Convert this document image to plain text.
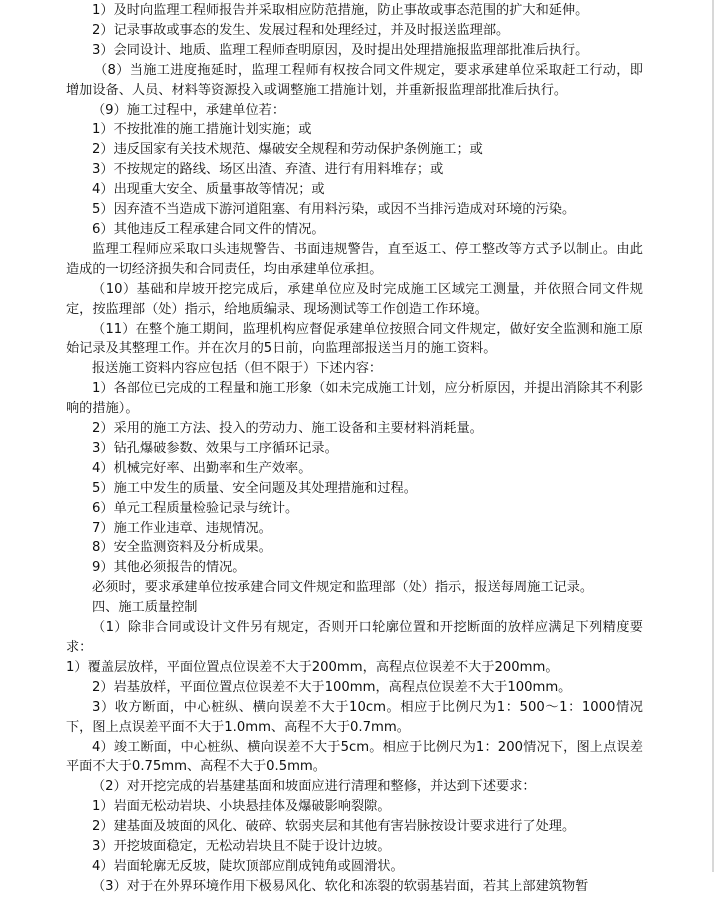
1）及时向监理工程师报告并采取相应防范措施，防止事故或事态范围的扩大和延伸。

2）记录事故或事态的发生、发展过程和处理经过，并及时报送监理部。

3）会同设计、地质、监理工程师查明原因，及时提出处理措施报监理部批准后执行。

（8）当施工进度拖延时，监理工程师有权按合同文件规定，要求承建单位采取赶工行动，即增加设备、人员、材料等资源投入或调整施工措施计划，并重新报监理部批准后执行。

（9）施工过程中，承建单位若：

1）不按批准的施工措施计划实施；或

2）违反国家有关技术规范、爆破安全规程和劳动保护条例施工；或

3）不按规定的路线、场区出渣、弃渣、进行有用料堆存；或

4）出现重大安全、质量事故等情况；或

5）因弃渣不当造成下游河道阻塞、有用料污染，或因不当排污造成对环境的污染。

6）其他违反工程承建合同文件的情况。

监理工程师应采取口头违规警告、书面违规警告，直至返工、停工整改等方式予以制止。由此造成的一切经济损失和合同责任，均由承建单位承担。

（10）基础和岸坡开挖完成后，承建单位应及时完成施工区域完工测量，并依照合同文件规定，按监理部（处）指示，给地质编录、现场测试等工作创造工作环境。

（11）在整个施工期间，监理机构应督促承建单位按照合同文件规定，做好安全监测和施工原始记录及其整理工作。并在次月的5日前，向监理部报送当月的施工资料。

报送施工资料内容应包括（但不限于）下述内容：

1）各部位已完成的工程量和施工形象（如未完成施工计划，应分析原因，并提出消除其不利影响的措施）。

2）采用的施工方法、投入的劳动力、施工设备和主要材料消耗量。

3）钻孔爆破参数、效果与工序循环记录。

4）机械完好率、出勤率和生产效率。

5）施工中发生的质量、安全问题及其处理措施和过程。

6）单元工程质量检验记录与统计。

7）施工作业违章、违规情况。

8）安全监测资料及分析成果。

9）其他必须报告的情况。

必须时，要求承建单位按承建合同文件规定和监理部（处）指示，报送每周施工记录。

四、施工质量控制

（1）除非合同或设计文件另有规定，否则开口轮廓位置和开挖断面的放样应满足下列精度要求：

1）覆盖层放样，平面位置点位误差不大于200mm，高程点位误差不大于200mm。

2）岩基放样，平面位置点位误差不大于100mm，高程点位误差不大于100mm。

3）收方断面，中心桩纵、横向误差不大于10cm。相应于比例尺为1：500～1：1000情况下，图上点误差平面不大于1.0mm、高程不大于0.7mm。

4）竣工断面，中心桩纵、横向误差不大于5cm。相应于比例尺为1：200情况下，图上点误差平面不大于0.75mm、高程不大于0.5mm。

（2）对开挖完成的岩基建基面和坡面应进行清理和整修，并达到下述要求：

1）岩面无松动岩块、小块悬挂体及爆破影响裂隙。

2）建基面及坡面的风化、破碎、软弱夹层和其他有害岩脉按设计要求进行了处理。

3）开挖坡面稳定，无松动岩块且不陡于设计边坡。

4）岩面轮廓无反坡，陡坎顶部应削成钝角或圆滑状。

（3）对于在外界环境作用下极易风化、软化和冻裂的软弱基岩面，若其上部建筑物暂
